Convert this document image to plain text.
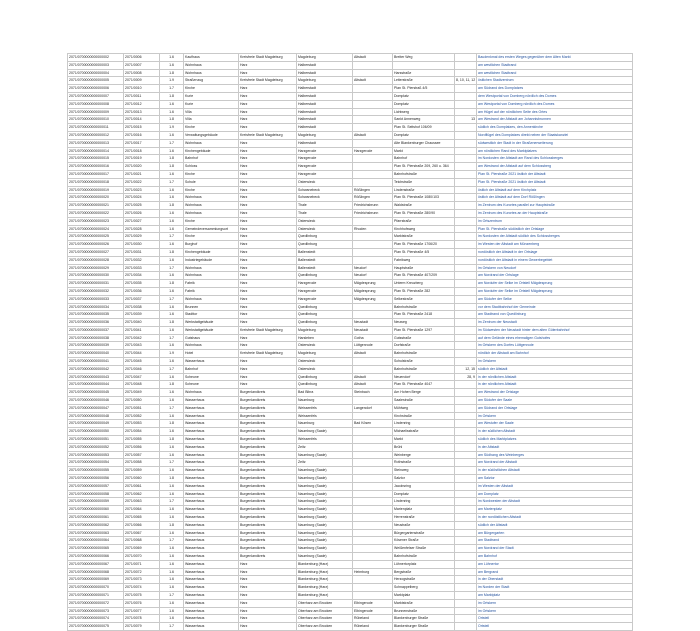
2071/0700000000000002	2071/0006	1.6	Kaufhaus	Kreisfreie Stadt Magdeburg	Magdeburg	Altstadt	Breiter Weg		Baudenkmal des ersten Weges gegenüber dem Alten Markt
2071/0700000000000003	2071/0007	1.6	Wohnhaus	Harz	Halberstadt				am westlichen Stadtrand
2071/0700000000000004	2071/0008	1.8	Wohnhaus	Harz	Halberstadt		Harsstraße		am westlichen Stadtrand
2071/0700000000000005	2071/0009	1.9	Straßenzug	Kreisfreie Stadt Magdeburg	Magdeburg	Altstadt	Leiterstraße	8, 10, 11, 12	östlichen Stadtzentrum
2071/0700000000000006	2071/0010	1.7	Kirche	Harz	Halberstadt		Plan St. Pierstraß 4/5		am Südrand des Domplatzes
2071/0700000000000007	2071/0011	1.8	Kurie	Harz	Halberstadt		Domplatz		dem Westportal von Domberg nördlich des Domes
2071/0700000000000008	2071/0012	1.6	Kurie	Harz	Halberstadt		Domplatz		am Westportal von Domberg nördlich des Domes
2071/0700000000000009	2071/0013	1.6	Villa	Harz	Halberstadt		Lichtwerg		am Hügel auf der nördlichen Seite des Ortes
2071/0700000000000010	2071/0014	1.8	Villa	Harz	Halberstadt		Sankt Annenweg	13	am Westrand der Altstadt am Johannisbrunnen
2071/0700000000000011	2071/0015	1.9	Kirche	Harz	Halberstadt		Plan St. Seitshof 106/09		südlich des Domplatzes, den Annenkirche
2071/0700000000000012	2071/0016	1.6	Verwaltungsgebäude	Kreisfreie Stadt Magdeburg	Magdeburg	Altstadt	Domplatz		Nordflügel des Domplatzes direkt neben der Staatskanzlei
2071/0700000000000013	2071/0017	1.7	Wohnhaus	Harz	Halberstadt		Alte Blankenburger Chaussee		südwestlich der Stadt in der Straßenerweiterung
2071/0700000000000014	2071/0018	1.6	Kirchengebäude	Harz	Harzgerode	Harzgerode	Markt		am nördlichen Rand des Marktplatzes
2071/0700000000000015	2071/0019	1.8	Bahnhof	Harz	Harzgerode		Bahnhof		im Nordosten der Altstadt am Rand des Schlossberges
2071/0700000000000016	2071/0020	1.8	Schloss	Harz	Harzgerode		Plan St. Pierstraße 209, 260 u. 364		am Westrand der Altstadt auf dem Schlossberg
2071/0700000000000017	2071/0021	1.6	Kirche	Harz	Harzgerode		Bahnhofstraße		Plan St. Pierstraße 2021 östlich der Altstadt
2071/0700000000000018	2071/0022	1.7	Schule	Harz	Osterwieck		Teichstraße		Plan St. Pierstraße 2021 östlich der Altstadt
2071/0700000000000019	2071/0023	1.6	Kirche	Harz	Schwanebeck	Rößlingen	Lindenstraße		östlich der Altstadt auf dem Kirchplatz
2071/0700000000000020	2071/0024	1.6	Wohnhaus	Harz	Schwanebeck	Rößlingen	Plan St. Pierstraße 1080/103		östlich der Altstadt auf dem Dorf Rößlingen
2071/0700000000000021	2071/0025	1.8	Wohnhaus	Harz	Thale	Friedrichsbrunn	Waldstraße		im Zentrum des Kurortes parallel zur Hauptstraße
2071/0700000000000022	2071/0026	1.6	Wohnhaus	Harz	Thale	Friedrichsbrunn	Plan St. Pierstraße 280/90		im Zentrum des Kurortes an der Hauptstraße
2071/0700000000000023	2071/0027	1.6	Kirche	Harz	Osterwieck		Pfarrstraße		im Ortszentrum
2071/0700000000000024	2071/0028	1.6	Gemeindeversammlungsort	Harz	Osterwieck	Rhoden	Kirchhofsweg		Plan St. Pierstraße südöstlich der Ortslage
2071/0700000000000025	2071/0029	1.7	Kirche	Harz	Quedlinburg		Marktstraße		im Nordosten der Altstadt südlich des Schlossberges
2071/0700000000000026	2071/0030	1.6	Burghof	Harz	Quedlinburg		Plan St. Pierstraße 1706/20		im Westen der Altstadt am Münzenberg
2071/0700000000000027	2071/0031	1.8	Kirchengebäude	Harz	Ballenstedt		Plan St. Pierstraße 4/5		nordöstlich der Altstadt in der Ortslage
2071/0700000000000028	2071/0032	1.6	Industriegebäude	Harz	Ballenstedt		Fabrikweg		nordöstlich der Altstadt in einem Gewerbegebiet
2071/0700000000000029	2071/0033	1.7	Wohnhaus	Harz	Ballenstedt	Neudorf	Hauptstraße		im Ortskern von Neudorf
2071/0700000000000030	2071/0034	1.6	Wohnhaus	Harz	Quedlinburg	Neudorf	Plan St. Pierstraße 407/209		am Nordrand der Ortslage
2071/0700000000000031	2071/0035	1.8	Fabrik	Harz	Harzgerode	Mägdesprung	Unterm Kreuzberg		am Nordufer der Selke im Ortsteil Mägdesprung
2071/0700000000000032	2071/0036	1.6	Fabrik	Harz	Harzgerode	Mägdesprung	Plan St. Pierstraße 282		am Nordufer der Selke im Ortsteil Mägdesprung
2071/0700000000000033	2071/0037	1.7	Wohnhaus	Harz	Harzgerode	Mägdesprung	Selkestraße		am Südufer der Selke
2071/0700000000000034	2071/0038	1.6	Brunnen	Harz	Quedlinburg		Bahnhofstraße		vor dem Stadtbahnhof der Gemeinde
2071/0700000000000035	2071/0039	1.6	Stadttor	Harz	Quedlinburg		Plan St. Pierstraße 2418		am Stadtrand von Quedlinburg
2071/0700000000000036	2071/0040	1.8	Werkstattgebäude	Harz	Quedlinburg	Neustadt	Neuweg		im Zentrum der Neustadt
2071/0700000000000037	2071/0041	1.6	Werkstattgebäude	Kreisfreie Stadt Magdeburg	Magdeburg	Neustadt	Plan St. Pierstraße 1297		im Südwesten der Neustadt hinter dem alten Güterbahnhof
2071/0700000000000038	2071/0042	1.7	Gutshaus	Harz	Harsleben	Gotha	Gutsstraße		auf dem Gelände eines ehemaligen Gutshofes
2071/0700000000000039	2071/0043	1.6	Wohnhaus	Harz	Osterwieck	Lüttgenrode	Dorfstraße		im Ortskern des Dorfes Lüttgenrode
2071/0700000000000040	2071/0044	1.9	Hotel	Kreisfreie Stadt Magdeburg	Magdeburg	Altstadt	Bahnhofstraße		nördlich der Altstadt am Bahnhof
2071/0700000000000041	2071/0045	1.6	Wasserhaus	Harz	Osterwieck		Schulstraße		im Ortskern
2071/0700000000000042	2071/0046	1.7	Bahnhof	Harz	Osterwieck		Bahnhofstraße	12, 15	südlich der Altstadt
2071/0700000000000043	2071/0047	1.6	Scheune	Harz	Quedlinburg	Altstadt	Neuendorf	28, 9	in der nördlichen Altstadt
2071/0700000000000044	2071/0048	1.8	Scheune	Harz	Quedlinburg	Altstadt	Plan St. Pierstraße 4047		in der nördlichen Altstadt
2071/0700000000000045	2071/0049	1.6	Wohnhaus	Burgenlandkreis	Bad Bibra	Steinbach	Am Hohen Berge		am Westrand der Ortslage
2071/0700000000000046	2071/0050	1.6	Wasserhaus	Burgenlandkreis	Naumburg		Saalestraße		am Südufer der Saale
2071/0700000000000047	2071/0051	1.7	Wasserhaus	Burgenlandkreis	Weissenfels	Langendorf	Mühlweg		am Südrand der Ortslage
2071/0700000000000048	2071/0052	1.6	Wasserhaus	Burgenlandkreis	Weissenfels		Kirchstraße		im Ortskern
2071/0700000000000049	2071/0053	1.8	Wasserhaus	Burgenlandkreis	Naumburg	Bad Kösen	Lindenring		am Westufer der Saale
2071/0700000000000050	2071/0054	1.6	Wasserhaus	Burgenlandkreis	Naumburg (Saale)		Michaelisstraße		in der südlichen Altstadt
2071/0700000000000051	2071/0055	1.8	Wasserhaus	Burgenlandkreis	Weissenfels		Markt		südlich des Marktplatzes
2071/0700000000000052	2071/0056	1.6	Wasserhaus	Burgenlandkreis	Zeitz		Brühl		in der Altstadt
2071/0700000000000053	2071/0057	1.6	Wasserhaus	Burgenlandkreis	Naumburg (Saale)		Weinberge		am Südhang des Weinberges
2071/0700000000000054	2071/0058	1.7	Wasserhaus	Burgenlandkreis	Zeitz		Rothstraße		am Nordrand der Altstadt
2071/0700000000000055	2071/0059	1.6	Wasserhaus	Burgenlandkreis	Naumburg (Saale)		Steinweg		in der südöstlichen Altstadt
2071/0700000000000056	2071/0060	1.8	Wasserhaus	Burgenlandkreis	Naumburg (Saale)		Salztor		am Salztor
2071/0700000000000057	2071/0061	1.6	Wasserhaus	Burgenlandkreis	Naumburg (Saale)		Jacobsring		im Westen der Altstadt
2071/0700000000000058	2071/0062	1.6	Wasserhaus	Burgenlandkreis	Naumburg (Saale)		Domplatz		am Domplatz
2071/0700000000000059	2071/0063	1.7	Wasserhaus	Burgenlandkreis	Naumburg (Saale)		Lindenring		im Nordwesten der Altstadt
2071/0700000000000060	2071/0064	1.6	Wasserhaus	Burgenlandkreis	Naumburg (Saale)		Marienplatz		am Marienplatz
2071/0700000000000061	2071/0065	1.6	Wasserhaus	Burgenlandkreis	Naumburg (Saale)		Herrenstraße		in der nordöstlichen Altstadt
2071/0700000000000062	2071/0066	1.8	Wasserhaus	Burgenlandkreis	Naumburg (Saale)		Neustraße		südlich der Altstadt
2071/0700000000000063	2071/0067	1.6	Wasserhaus	Burgenlandkreis	Naumburg (Saale)		Bürgergartenstraße		am Bürgergarten
2071/0700000000000064	2071/0068	1.7	Wasserhaus	Burgenlandkreis	Naumburg (Saale)		Kösener Straße		am Stadtrand
2071/0700000000000065	2071/0069	1.6	Wasserhaus	Burgenlandkreis	Naumburg (Saale)		Weißenfelser Straße		am Nordrand der Stadt
2071/0700000000000066	2071/0070	1.6	Wasserhaus	Burgenlandkreis	Naumburg (Saale)		Bahnhofstraße		am Bahnhof
2071/0700000000000067	2071/0071	1.6	Wasserhaus	Harz	Blankenburg (Harz)		Lühnertorplatz		am Lühnertor
2071/0700000000000068	2071/0072	1.6	Wasserhaus	Harz	Blankenburg (Harz)	Heimburg	Bergstraße		am Bergrand
2071/0700000000000069	2071/0073	1.6	Wasserhaus	Harz	Blankenburg (Harz)		Herzogstraße		in der Oberstadt
2071/0700000000000070	2071/0074	1.6	Wasserhaus	Harz	Blankenburg (Harz)		Schnappelberg		im Norden der Stadt
2071/0700000000000071	2071/0075	1.7	Wasserhaus	Harz	Blankenburg (Harz)		Marktplatz		am Marktplatz
2071/0700000000000072	2071/0076	1.6	Wasserhaus	Harz	Oberharz am Brocken	Elbingerode	Marktstraße		im Ortskern
2071/0700000000000073	2071/0077	1.6	Wasserhaus	Harz	Oberharz am Brocken	Elbingerode	Brunnenstraße		im Ortskern
2071/0700000000000074	2071/0078	1.6	Wasserhaus	Harz	Oberharz am Brocken	Rübeland	Blankenburger Straße		Ortsteil
2071/0700000000000075	2071/0079	1.7	Wasserhaus	Harz	Oberharz am Brocken	Rübeland	Blankenburger Straße		Ortsteil
